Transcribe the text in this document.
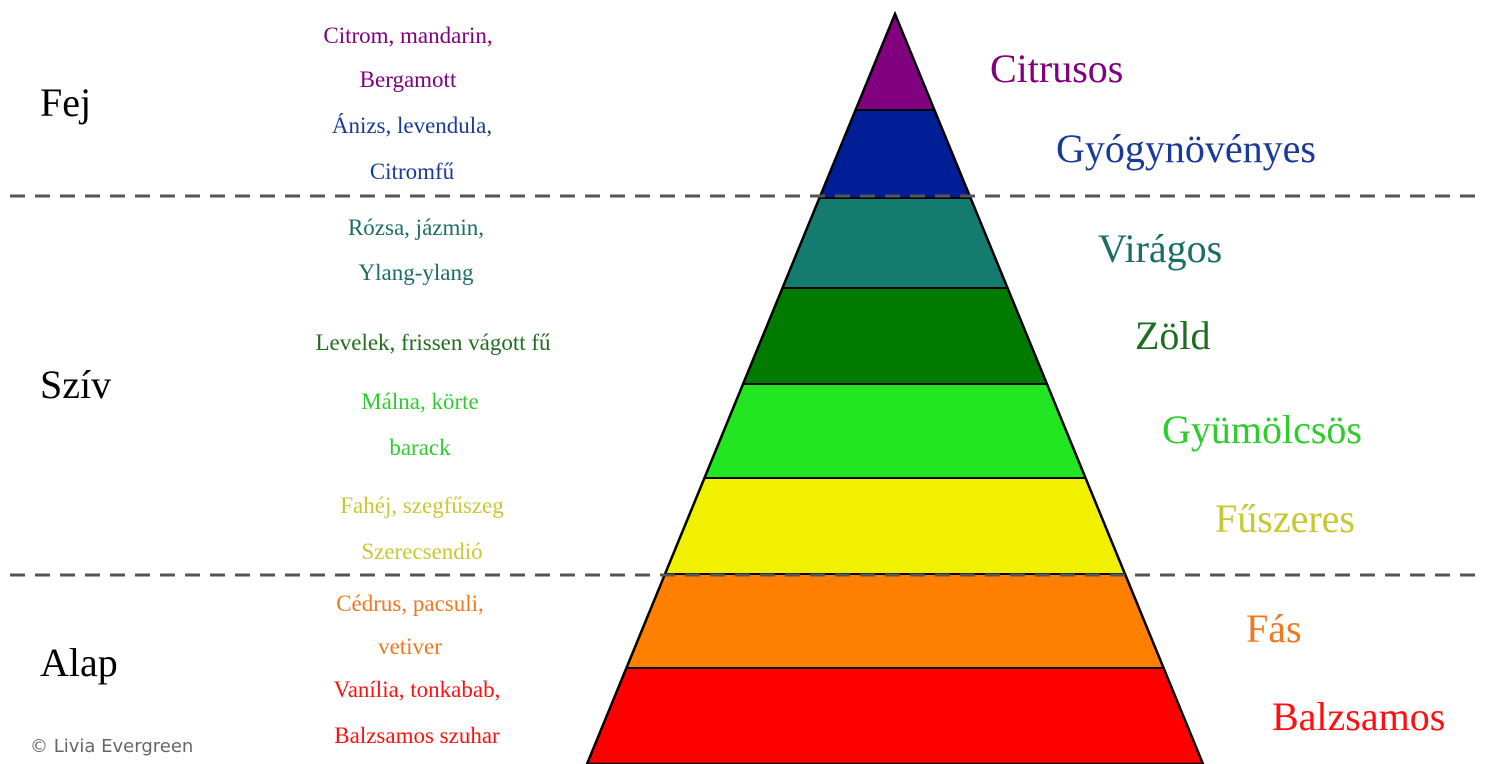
Fej
Szív
Alap
Citrom, mandarin,
Bergamott
Ánizs, levendula,
Citromfű
Rózsa, jázmin,
Ylang-ylang
Levelek, frissen vágott fű
Málna, körte
barack
Fahéj, szegfűszeg
Szerecsendió
Cédrus, pacsuli,
vetiver
Vanília, tonkabab,
Balzsamos szuhar
Citrusos
Gyógynövényes
Virágos
Zöld
Gyümölcsös
Fűszeres
Fás
Balzsamos
© Livia Evergreen
